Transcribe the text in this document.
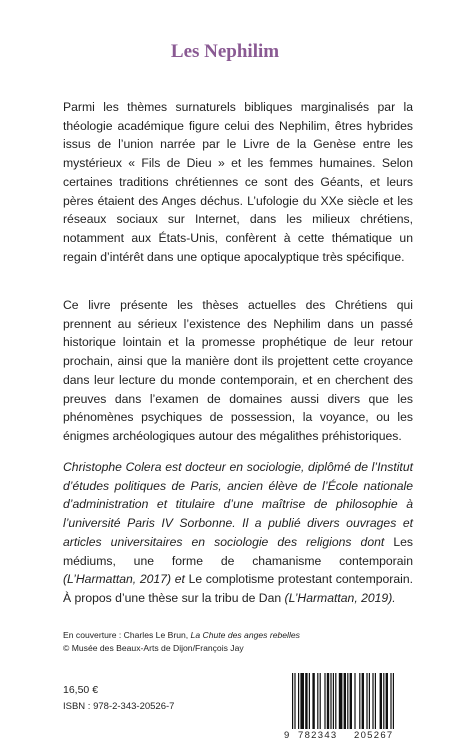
Les Nephilim

Parmi les thèmes surnaturels bibliques marginalisés par la théologie académique figure celui des Nephilim, êtres hybrides issus de l’union narrée par le Livre de la Genèse entre les mystérieux « Fils de Dieu » et les femmes humaines. Selon certaines traditions chrétiennes ce sont des Géants, et leurs pères étaient des Anges déchus. L’ufologie du XXe siècle et les réseaux sociaux sur Internet, dans les milieux chrétiens, notamment aux États-Unis, confèrent à cette thématique un regain d’intérêt dans une optique apocalyptique très spécifique.

Ce livre présente les thèses actuelles des Chrétiens qui prennent au sérieux l’existence des Nephilim dans un passé historique lointain et la promesse prophétique de leur retour prochain, ainsi que la manière dont ils projettent cette croyance dans leur lecture du monde contemporain, et en cherchent des preuves dans l’examen de domaines aussi divers que les phénomènes psychiques de possession, la voyance, ou les énigmes archéologiques autour des mégalithes préhistoriques.

Christophe Colera est docteur en sociologie, diplômé de l’Institut d’études politiques de Paris, ancien élève de l’École nationale d’administration et titulaire d’une maîtrise de philosophie à l’université Paris IV Sorbonne. Il a publié divers ouvrages et articles universitaires en sociologie des religions dont Les médiums, une forme de chamanisme contemporain (L’Harmattan, 2017) et Le complotisme protestant contemporain. À propos d’une thèse sur la tribu de Dan (L’Harmattan, 2019).

En couverture : Charles Le Brun, La Chute des anges rebelles
© Musée des Beaux-Arts de Dijon/François Jay

16,50 €

ISBN : 978-2-343-20526-7

9 782343 205267
